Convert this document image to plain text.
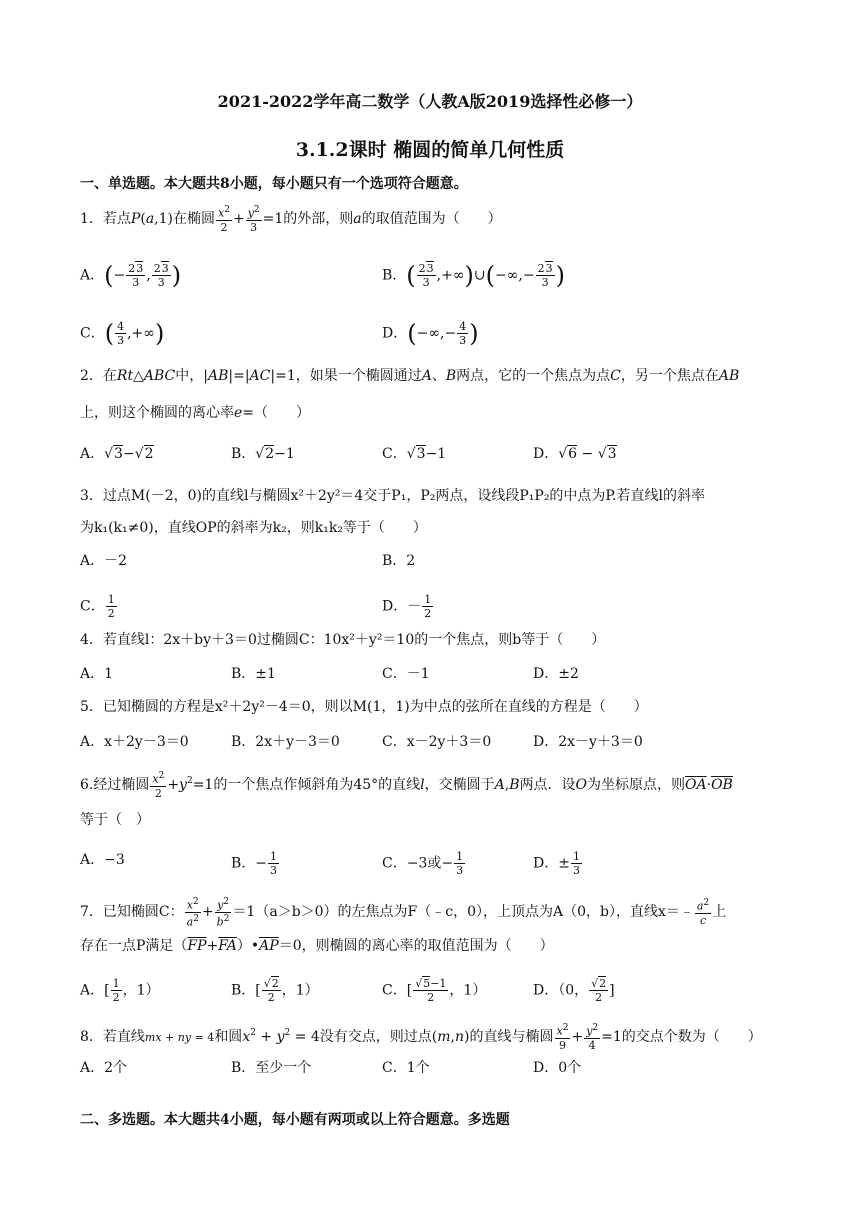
2021-2022学年高二数学（人教A版2019选择性必修一）
3.1.2课时 椭圆的简单几何性质
一、单选题。本大题共8小题，每小题只有一个选项符合题意。
1．若点P(a,1)在椭圆 $\frac{x^2}{2} + \frac{y^2}{3} =1$的外部，则a的取值范围为（　　）
A．(− $\frac{23}{3}$ , $\frac{23}{3}$ )	B．( $\frac{23}{3}$ ,+∞)∪(−∞,− $\frac{23}{3}$ )
C．( $\frac{4}{3}$ ,+∞)	D．(−∞,− $\frac{4}{3}$ )
2．在Rt△ABC中，|AB|=|AC|=1，如果一个椭圆通过A、B两点，它的一个焦点为点C，另一个焦点在AB
上，则这个椭圆的离心率e=（　　）
A．√3−√2	B．√2−1	C．√3−1	D．√6 − √3
3．过点M(－2，0)的直线l与椭圆x²＋2y²＝4交于P₁，P₂两点，设线段P₁P₂的中点为P.若直线l的斜率
为k₁(k₁≠0)，直线OP的斜率为k₂，则k₁k₂等于（　　）
A．－2	B．2
C． $\frac{1}{2}$	D．－ $\frac{1}{2}$
4．若直线l：2x＋by＋3＝0过椭圆C：10x²＋y²＝10的一个焦点，则b等于（　　）
A．1	B．±1	C．－1	D．±2
5．已知椭圆的方程是x²＋2y²－4＝0，则以M(1，1)为中点的弦所在直线的方程是（　　）
A．x＋2y－3＝0	B．2x＋y－3＝0	C．x－2y＋3＝0	D．2x－y＋3＝0
6.经过椭圆 $\frac{x^2}{2} +y^2=1$的一个焦点作倾斜角为45°的直线l，交椭圆于A,B两点．设O为坐标原点，则$\overline{OA}\cdot\overline{OB}$
等于（　）
A．−3	B．− $\frac{1}{3}$	C．−3或− $\frac{1}{3}$	D．± $\frac{1}{3}$
7．已知椭圆C： $\frac{x^2}{a^2} + \frac{y^2}{b^2} =1(a>b>0)$的左焦点为F（﹣c，0），上顶点为A（0，b），直线x＝﹣ $\frac{a^2}{c}$ 上
存在一点P满足$(\overline{FP}+\overline{FA})•\overline{AP}=0$，则椭圆的离心率的取值范围为（　　）
A．[ $\frac{1}{2}$ ，1）	B．[ $\frac{√2}{2}$ ，1）	C．[ $\frac{√5-1}{2}$ ，1）	D．（0， $\frac{√2}{2}$ ]
8．若直线mx + ny = 4和圆$x^2 + y^2 = 4$没有交点，则过点(m,n)的直线与椭圆 $\frac{x^2}{9} + \frac{y^2}{4} =1$的交点个数为（　　）
A．2个	B．至少一个	C．1个	D．0个
二、多选题。本大题共4小题，每小题有两项或以上符合题意。多选题
